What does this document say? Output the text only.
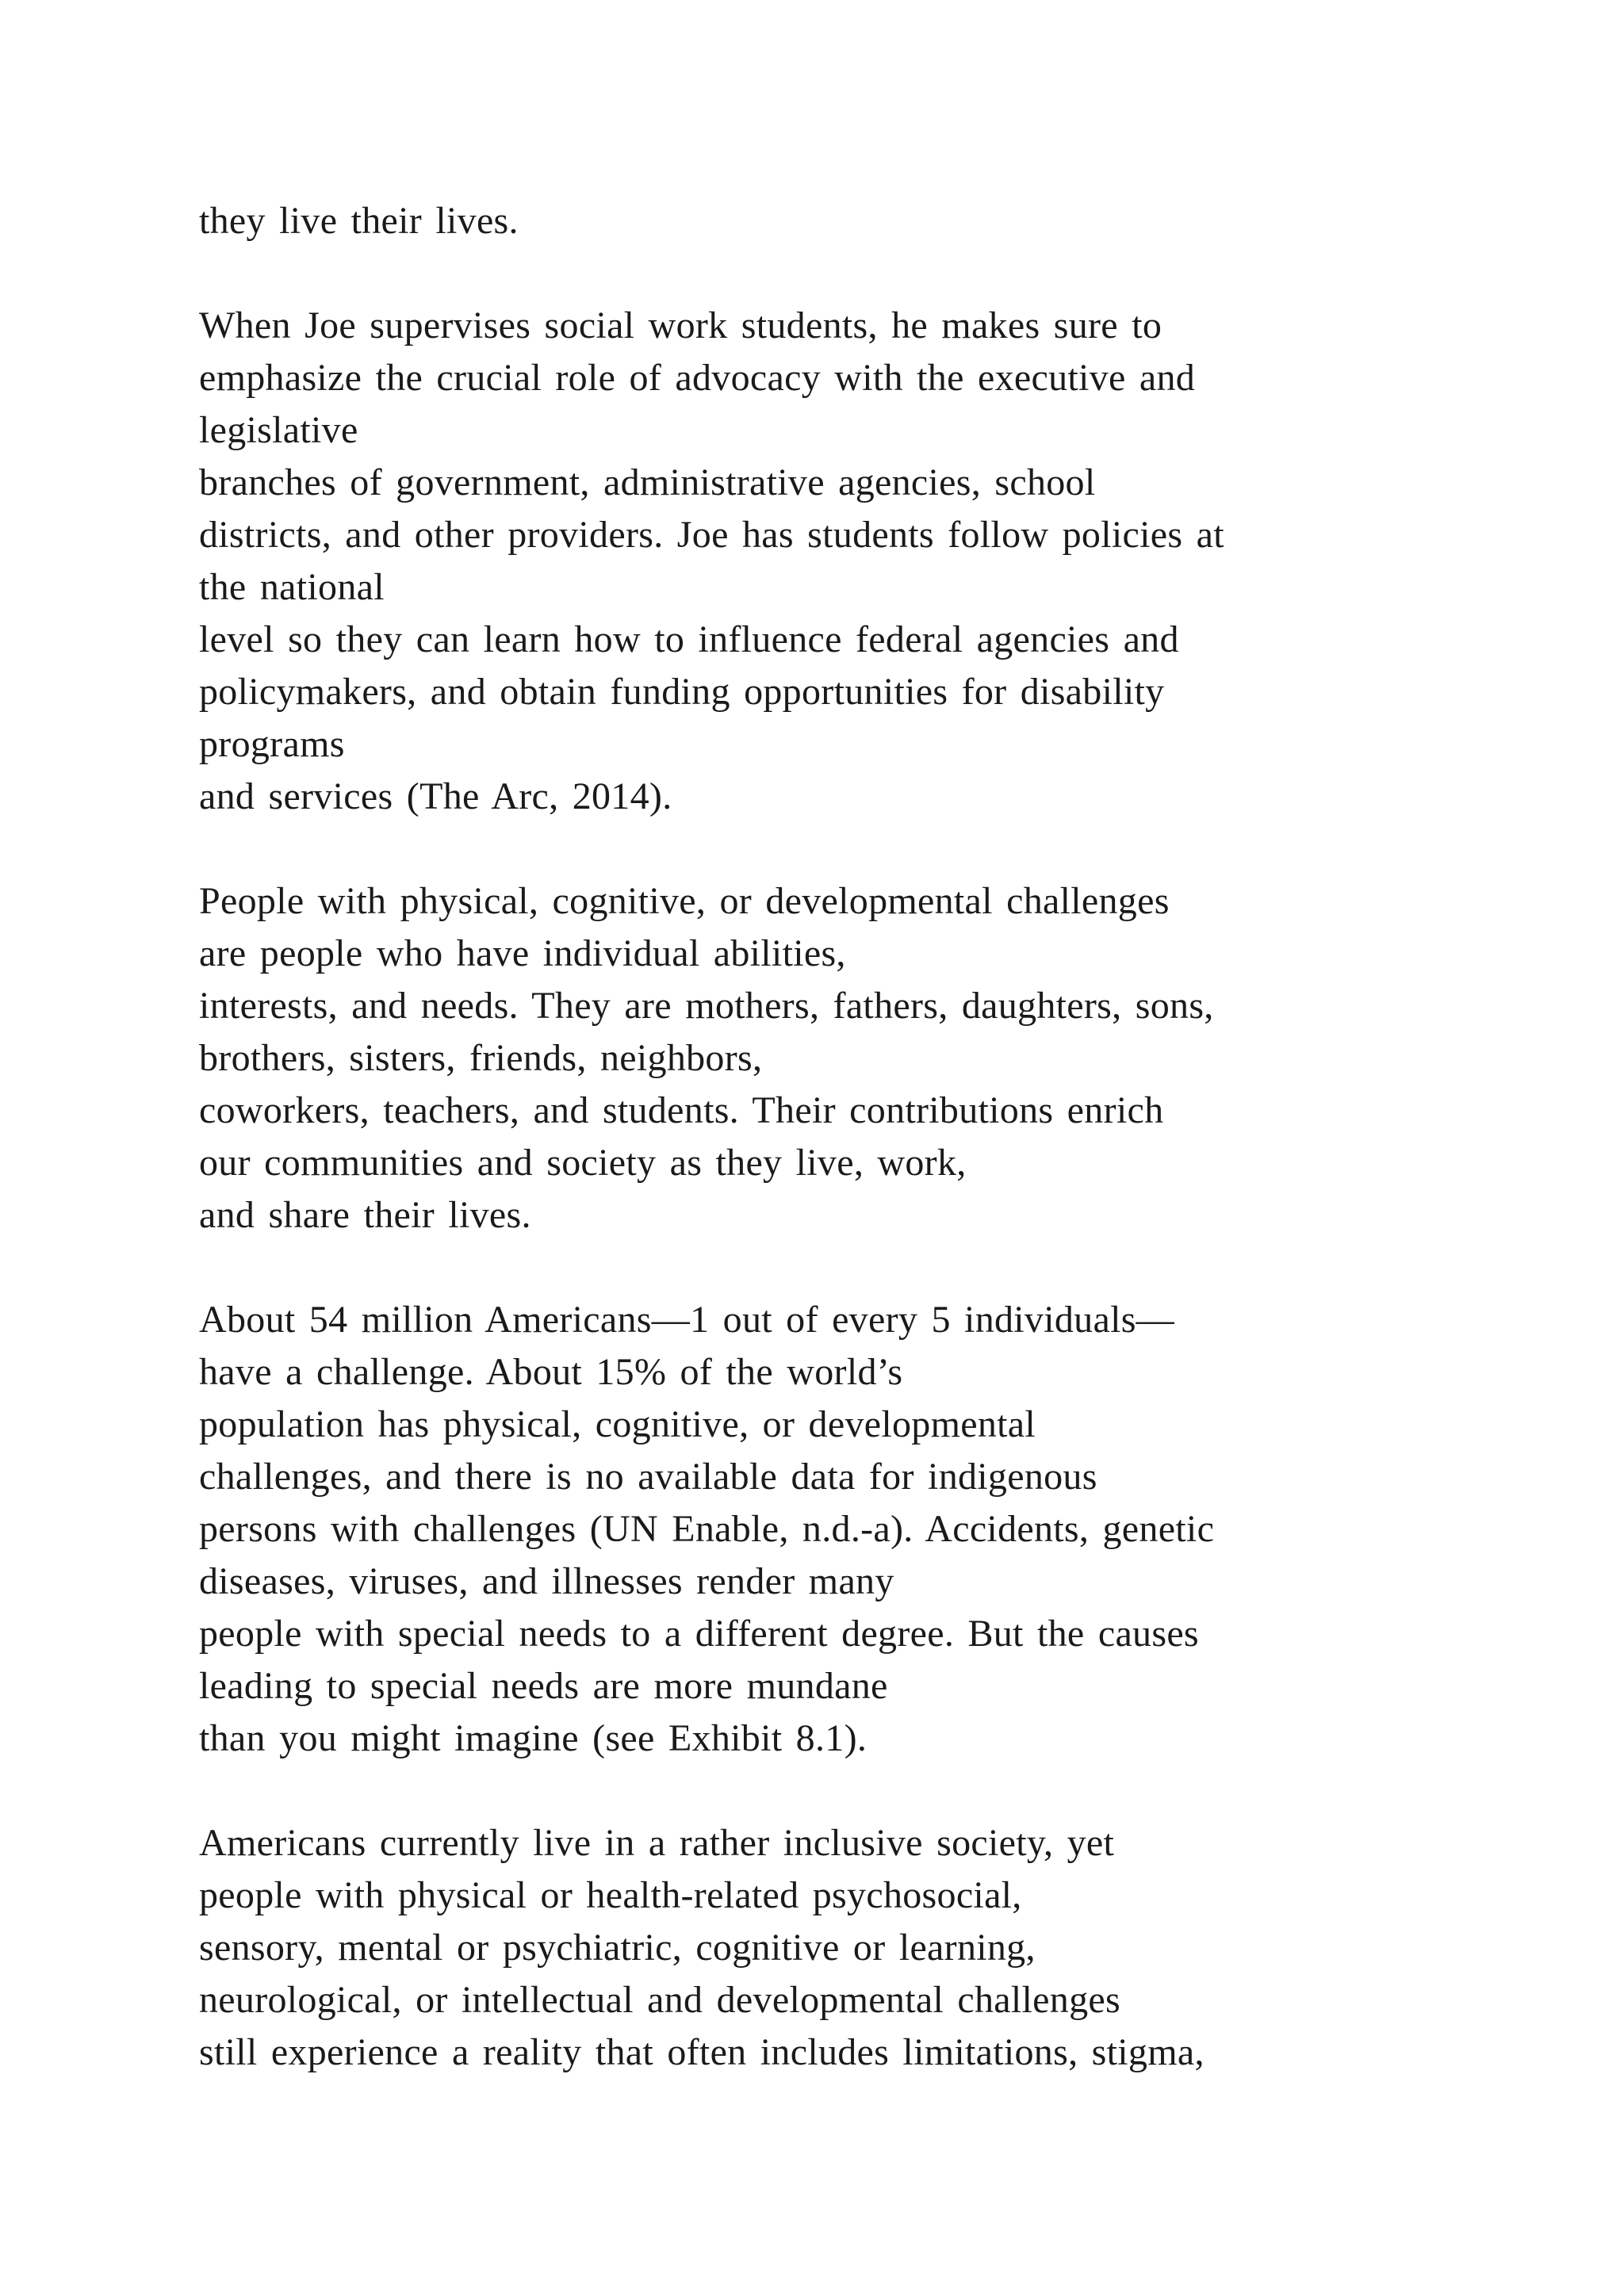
they live their lives.
When Joe supervises social work students, he makes sure to
emphasize the crucial role of advocacy with the executive and
legislative
branches of government, administrative agencies, school
districts, and other providers. Joe has students follow policies at
the national
level so they can learn how to influence federal agencies and
policymakers, and obtain funding opportunities for disability
programs
and services (The Arc, 2014).
People with physical, cognitive, or developmental challenges
are people who have individual abilities,
interests, and needs. They are mothers, fathers, daughters, sons,
brothers, sisters, friends, neighbors,
coworkers, teachers, and students. Their contributions enrich
our communities and society as they live, work,
and share their lives.
About 54 million Americans—1 out of every 5 individuals—
have a challenge. About 15% of the world’s
population has physical, cognitive, or developmental
challenges, and there is no available data for indigenous
persons with challenges (UN Enable, n.d.-a). Accidents, genetic
diseases, viruses, and illnesses render many
people with special needs to a different degree. But the causes
leading to special needs are more mundane
than you might imagine (see Exhibit 8.1).
Americans currently live in a rather inclusive society, yet
people with physical or health-related psychosocial,
sensory, mental or psychiatric, cognitive or learning,
neurological, or intellectual and developmental challenges
still experience a reality that often includes limitations, stigma,
